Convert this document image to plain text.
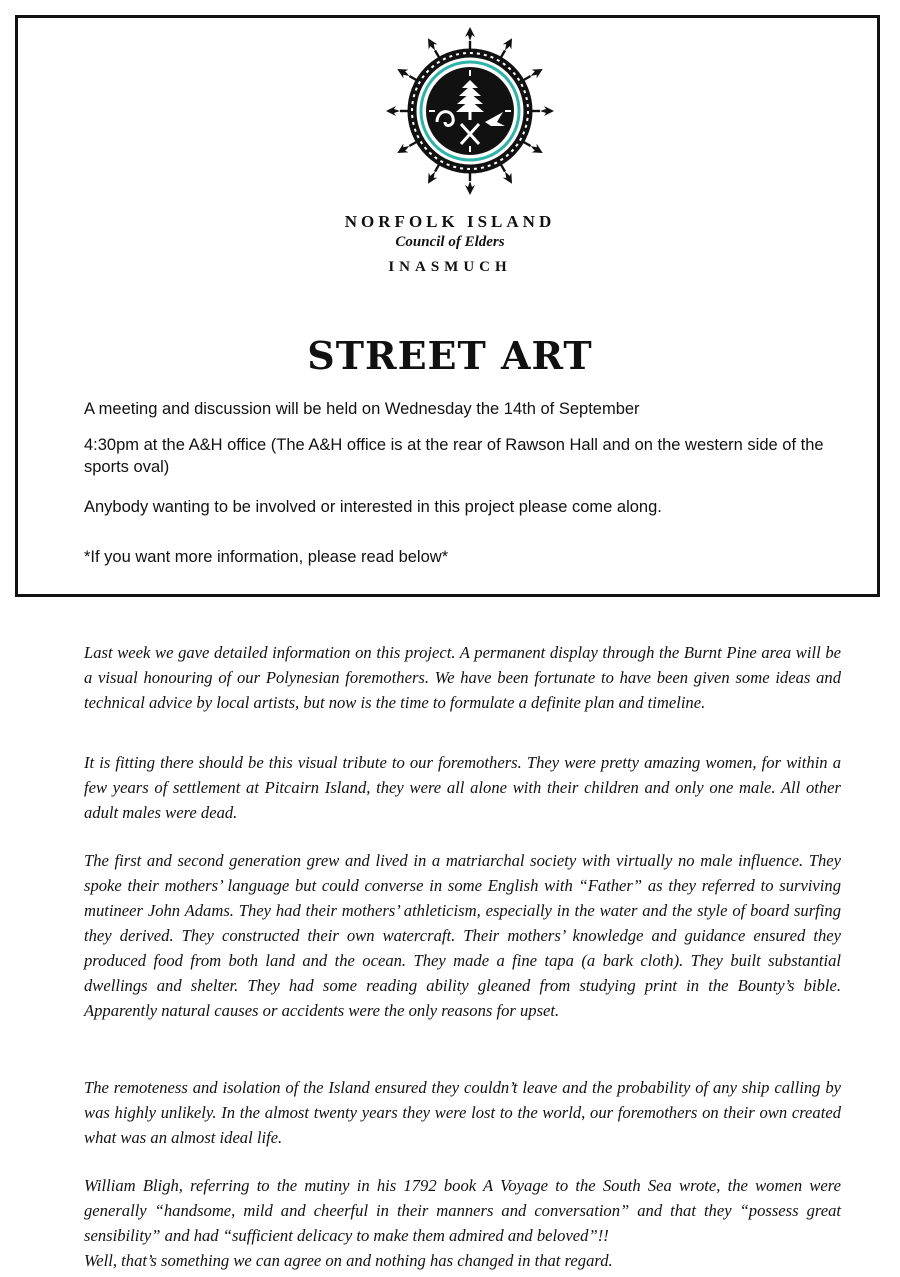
NORFOLK ISLAND
Council of Elders
INASMUCH
STREET ART
A meeting and discussion will be held on Wednesday the 14th of September
4:30pm at the A&H office (The A&H office is at the rear of Rawson Hall and on the western side of the sports oval)
Anybody wanting to be involved or interested in this project please come along.
*If you want more information, please read below*
Last week we gave detailed information on this project. A permanent display through the Burnt Pine area will be a visual honouring of our Polynesian foremothers. We have been fortunate to have been given some ideas and technical advice by local artists, but now is the time to formulate a definite plan and timeline.
It is fitting there should be this visual tribute to our foremothers. They were pretty amazing women, for within a few years of settlement at Pitcairn Island, they were all alone with their children and only one male. All other adult males were dead.
The first and second generation grew and lived in a matriarchal society with virtually no male influence. They spoke their mothers’ language but could converse in some English with “Father” as they referred to surviving mutineer John Adams. They had their mothers’ athleticism, especially in the water and the style of board surfing they derived. They constructed their own watercraft. Their mothers’ knowledge and guidance ensured they produced food from both land and the ocean. They made a fine tapa (a bark cloth). They built substantial dwellings and shelter. They had some reading ability gleaned from studying print in the Bounty’s bible. Apparently natural causes or accidents were the only reasons for upset.
The remoteness and isolation of the Island ensured they couldn’t leave and the probability of any ship calling by was highly unlikely. In the almost twenty years they were lost to the world, our foremothers on their own created what was an almost ideal life.
William Bligh, referring to the mutiny in his 1792 book A Voyage to the South Sea wrote, the women were generally “handsome, mild and cheerful in their manners and conversation” and that they “possess great sensibility” and had “sufficient delicacy to make them admired and beloved”!!
Well, that’s something we can agree on and nothing has changed in that regard.
